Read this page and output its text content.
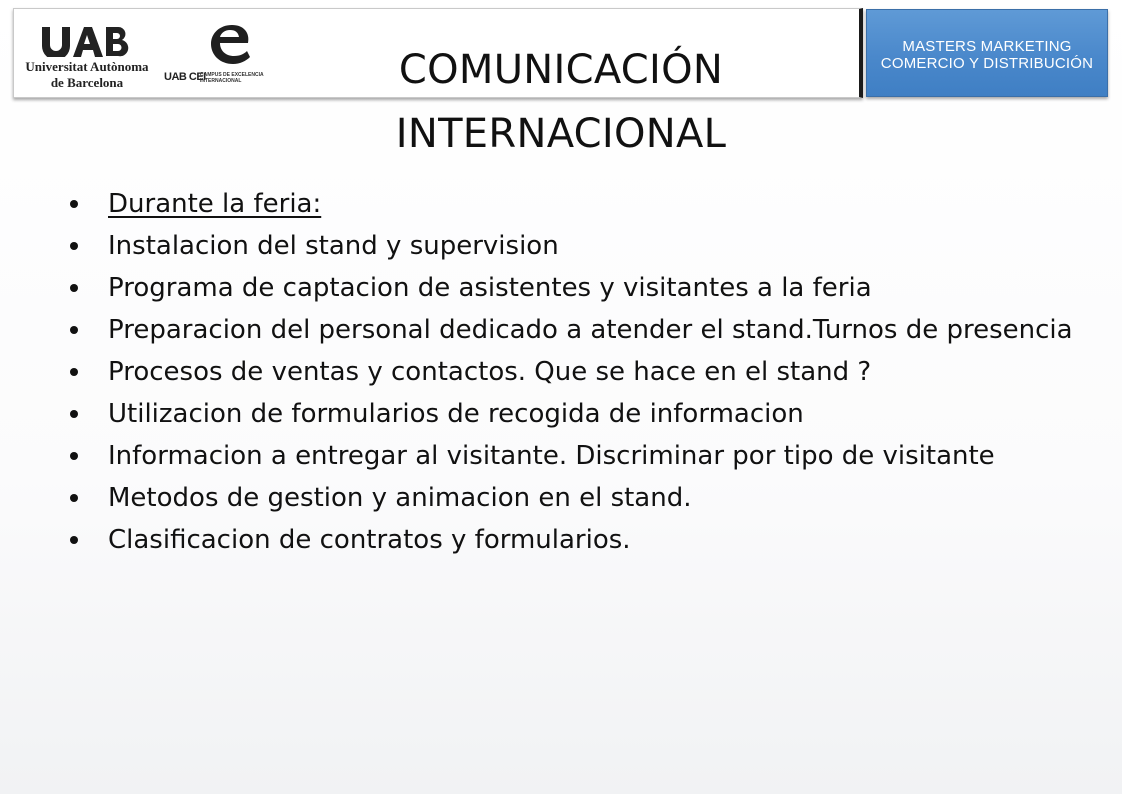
Universitat Autònoma
de Barcelona	UAB CEI
CAMPUS DE EXCELENCIA INTERNACIONAL
MASTERS MARKETING
COMERCIO Y DISTRIBUCIÓN
COMUNICACIÓN INTERNACIONAL
Durante la feria:
Instalacion del stand y supervision
Programa de captacion de asistentes y visitantes a la feria
Preparacion del personal dedicado a atender el stand.Turnos de presencia
Procesos de ventas y contactos. Que se hace en el stand ?
Utilizacion de formularios de recogida de informacion
Informacion a entregar al visitante. Discriminar por tipo de visitante
Metodos de gestion y animacion en el stand.
Clasificacion de contratos y formularios.
